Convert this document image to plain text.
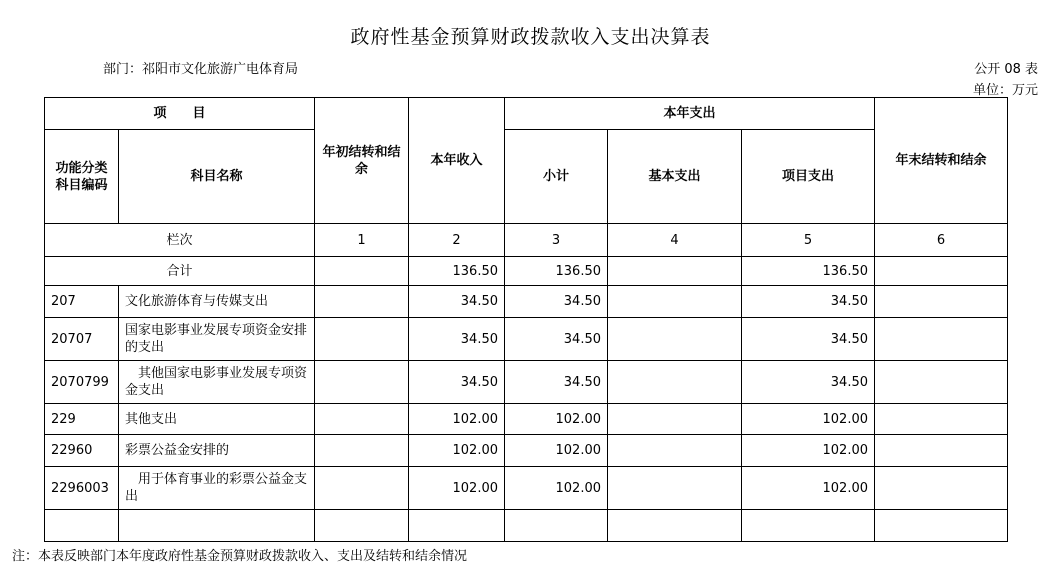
政府性基金预算财政拨款收入支出决算表
部门：祁阳市文化旅游广电体育局	公开 08 表
单位：万元
项　　目		年初结转和结余	本年收入	本年支出			年末结转和结余
功能分类科目编码	科目名称			小计	基本支出	项目支出	
栏次		1	2	3	4	5	6
合计			136.50	136.50		136.50	
207	文化旅游体育与传媒支出		34.50	34.50		34.50	
20707	国家电影事业发展专项资金安排的支出		34.50	34.50		34.50	
2070799	　其他国家电影事业发展专项资金支出		34.50	34.50		34.50	
229	其他支出		102.00	102.00		102.00	
22960	彩票公益金安排的		102.00	102.00		102.00	
2296003	　用于体育事业的彩票公益金支出		102.00	102.00		102.00	

注：本表反映部门本年度政府性基金预算财政拨款收入、支出及结转和结余情况
